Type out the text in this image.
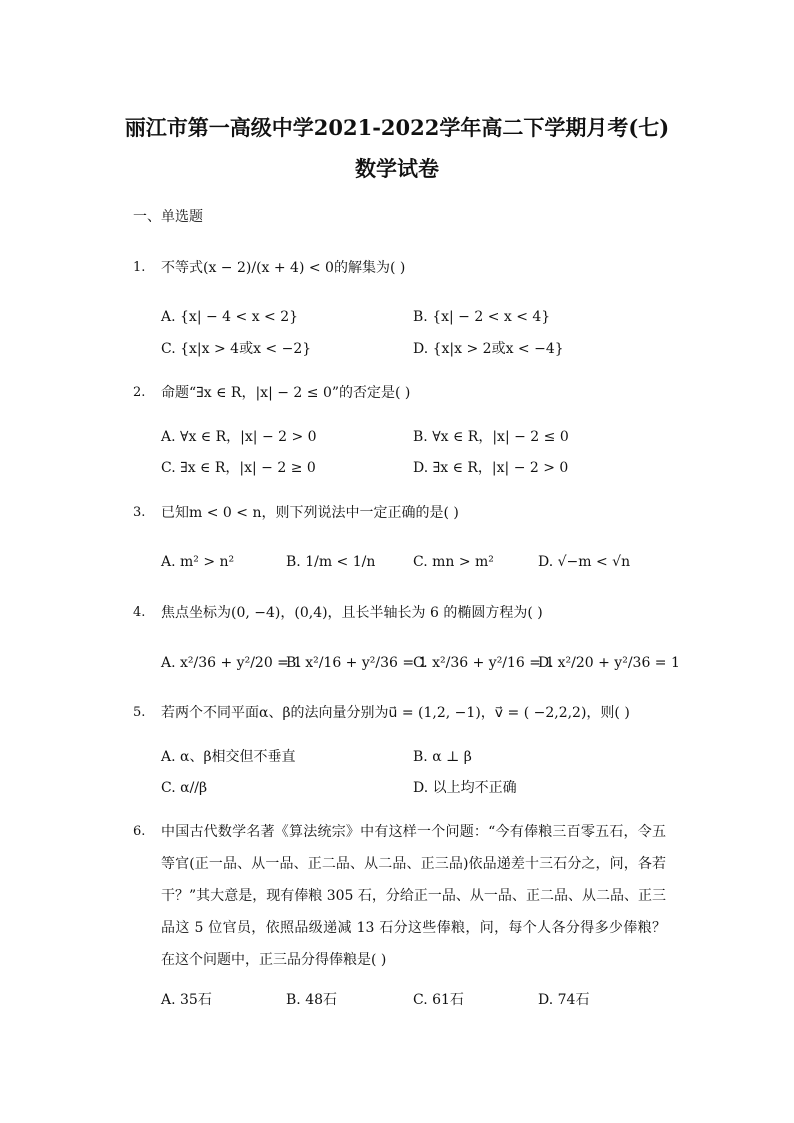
丽江市第一高级中学2021-2022学年高二下学期月考(七)
数学试卷
一、单选题
1. 不等式(x − 2)/(x + 4) < 0的解集为( )
A. {x| − 4 < x < 2}	B. {x| − 2 < x < 4}
C. {x|x > 4或x < −2}	D. {x|x > 2或x < −4}
2. 命题“∃x ∈ R，|x| − 2 ≤ 0”的否定是( )
A. ∀x ∈ R，|x| − 2 > 0	B. ∀x ∈ R，|x| − 2 ≤ 0
C. ∃x ∈ R，|x| − 2 ≥ 0	D. ∃x ∈ R，|x| − 2 > 0
3. 已知m < 0 < n，则下列说法中一定正确的是( )
A. m² > n²	B. 1/m < 1/n	C. mn > m²	D. √−m < √n
4. 焦点坐标为(0, −4)，(0,4)，且长半轴长为 6 的椭圆方程为( )
A. x²/36 + y²/20 = 1
B. x²/16 + y²/36 = 1
C. x²/36 + y²/16 = 1
D. x²/20 + y²/36 = 1
5. 若两个不同平面α、β的法向量分别为u⃗ = (1,2, −1)，v⃗ = ( −2,2,2)，则( )
A. α、β相交但不垂直	B. α ⊥ β
C. α//β	D. 以上均不正确
6. 中国古代数学名著《算法统宗》中有这样一个问题：“今有俸粮三百零五石，令五等官(正一品、从一品、正二品、从二品、正三品)依品递差十三石分之，问，各若干？”其大意是，现有俸粮 305 石，分给正一品、从一品、正二品、从二品、正三品这 5 位官员，依照品级递减 13 石分这些俸粮，问，每个人各分得多少俸粮？在这个问题中，正三品分得俸粮是( )
A. 35石	B. 48石	C. 61石	D. 74石
